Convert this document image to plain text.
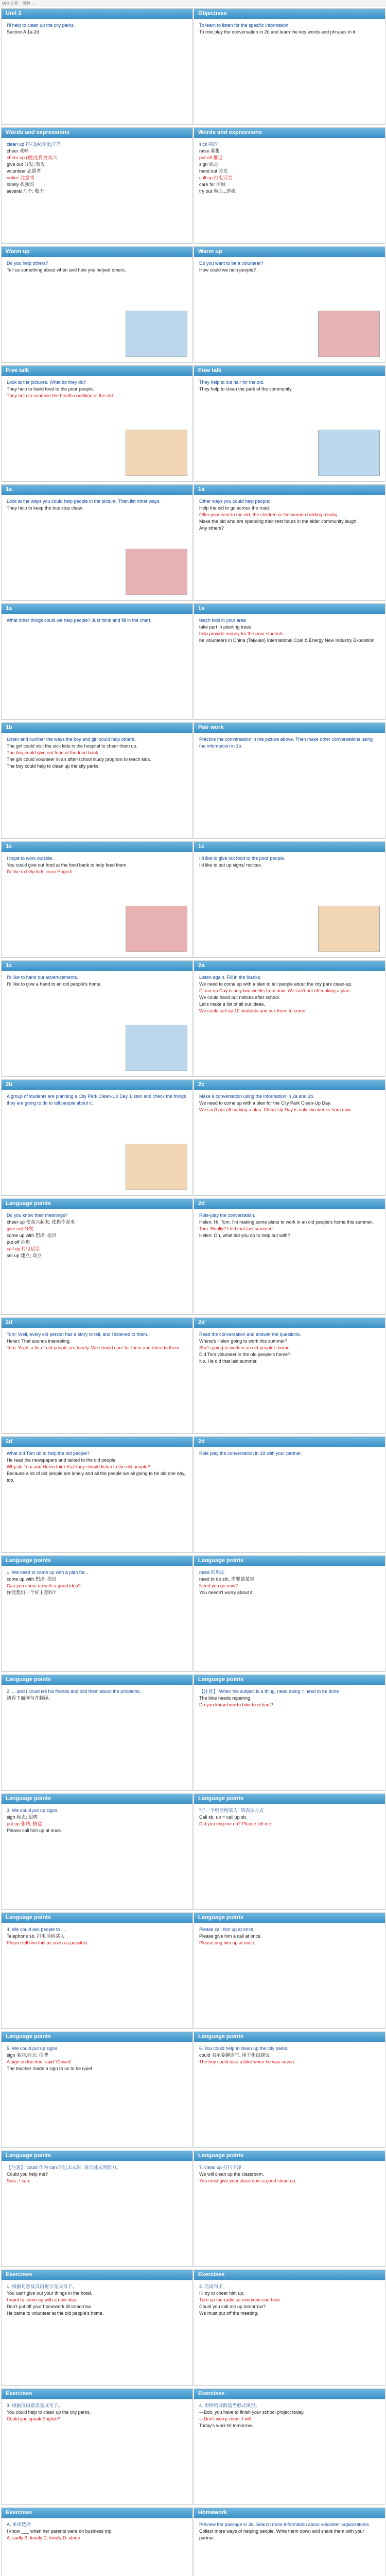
Unit 2 第一课时 ...
Unit 2
I'll help to clean up the city parks.
Section A 1a-2d
Objectives
To learn to listen for the specific information
To role play the conversation in 2d and learn the key words and phrases in it
Words and expressions
clean up 打扫(或清除)干净
cheer 欢呼
cheer up (使)变得更高兴
give out 分发; 散发
volunteer 志愿者
notice 注意到
lonely 孤独的
several 几个; 数个
Words and expressions
sick 病的
raise 募集
put off 推迟
sign 标志
hand out 分发
call up 打电话给
care for 照顾
try out 参加...选拔
Warm up
Do you help others?
Tell us something about when and how you helped others.
Warm up
Do you want to be a volunteer?
How could we help people?
Free talk
Look at the pictures. What do they do?
They help to hand food to the poor people.
They help to examine the health condition of the old.
Free talk
They help to cut hair for the old.
They help to clean the park of the community.
1a
Look at the ways you could help people in the picture. Then list other ways.
They help to keep the bus stop clean.
1a
Other ways you could help people:
Help the old to go across the road.
Offer your seat to the old, the children or the women holding a baby.
Make the old who are spending their rest hours in the elder community laugh.
Any others?
1a
What other things could we help people? Just think and fill in the chart.
1a
teach kids in your area
take part in planting trees
help provide money for the poor students
be volunteers in China (Taiyuan) International Coal & Energy New Industry Exposition
1b
Listen and number the ways the boy and girl could help others.
The girl could visit the sick kids in the hospital to cheer them up.
The boy could give out food at the food bank.
The girl could volunteer in an after-school study program to teach kids.
The boy could help to clean up the city parks.
Pair work
Practice the conversation in the picture above. Then make other conversations using the information in 1b.
1c
I hope to work outside.
You could give out food at the food bank to help feed them.
I'd like to help kids learn English.
1c
I'd like to give out food to the poor people.
I'd like to put up signs/ notices.
1c
I'd like to hand out advertisements.
I'd like to give a hand to an old people's home.
2a
Listen again. Fill in the blanks.
We need to come up with a plan to tell people about the city park clean-up.
Clean-up Day is only two weeks from now. We can't put off making a plan.
We could hand out notices after school.
Let's make a list of all our ideas.
We could call up 10 students and ask them to come.
2b
A group of students are planning a City Park Clean-Up Day. Listen and check the things they are going to do to tell people about it.
2c
Make a conversation using the information in 2a and 2b.
We need to come up with a plan for the City Park Clean-Up Day.
We can't put off making a plan. Clean-Up Day is only two weeks from now.
Language points
Do you know their meanings?
cheer up 使高兴起来; 使振作起来
give out 分发
come up with 想出; 提出
put off 推迟
call up 打电话给
set up 建立; 设立
2d
Role-play the conversation.
Helen: Hi, Tom. I'm making some plans to work in an old people's home this summer.
Tom: Really? I did that last summer!
Helen: Oh, what did you do to help out with?
2d
Tom: Well, every old person has a story to tell, and I listened to them.
Helen: That sounds interesting.
Tom: Yeah, a lot of old people are lonely. We should care for them and listen to them.
2d
Read the conversation and answer the questions.
Where's Helen going to work this summer?
She's going to work in an old people's home.
Did Tom volunteer in the old people's home?
No. He did that last summer.
2d
What did Tom do to help the old people?
He read the newspapers and talked to the old people.
Why do Tom and Helen think that they should listen to the old people?
Because a lot of old people are lonely and all the people we all going to be old one day, too.
2d
Role play the conversation in 2d with your partner.
Language points
1. We need to come up with a plan for...
come up with 想出; 提出
Can you come up with a good idea?
你能想出一个好主意吗?
Language points
need 的用法
need to do sth. 需要做某事
Need you go now?
You needn't worry about it.
Language points
2. ... and I could tell his friends and told them about the problems.
请看下面例句并翻译。
Language points
【注意】 When the subject is a thing, need doing = need to be done
The bike needs repairing.
Do you know how to bike to school?
Language points
3. We could put up signs.
sign 标志; 招牌
put up 张贴; 搭建
Please call him up at once.
Language points
“打一个电话给某人” 的表达方式
Call sb. up = call up sb.
Did you ring me up? Please tell me.
Language points
4. We could ask people to ...
Telephone sb. 打电话给某人
Please tell him this as soon as possible.
Language points
Please call him up at once.
Please give him a call at once.
Please ring him up at once.
Language points
5. We could put up signs.
sign 名词,标志; 招牌
A sign on the door said 'Closed'.
The teacher made a sign to us to be quiet.
Language points
6. You could help to clean up the city parks.
could 表示委婉语气, 用于提出建议。
The boy could take a bike when he was seven.
Language points
【注意】 could 作为 can 的过去式时, 表示过去的能力。
Could you help me?
Sure, I can.
Language points
7. clean up 打扫干净
We will clean up the classroom.
You must give your classroom a good clean up.
Exercises
1. 根据句意及汉语提示完成句子。
You can't give out your things in the hotel.
I want to come up with a new idea.
Don't put off your homework till tomorrow.
He came to volunteer at the old people's home.
Exercises
2. 完成句子。
I'll try to cheer him up.
Turn up the radio so everyone can hear.
Could you call me up tomorrow?
We must put off the meeting.
Exercises
3. 根据汉语意思完成句子。
You could help to clean up the city parks.
Could you speak English?
Exercises
4. 用所给词的适当形式填空。
—Bob, you have to finish your school project today.
—Don't worry, mum. I will.
Today's work till tomorrow.
Exercises
A. 单项选择
I know ___ when her parents were on business trip.
A. sadly B. lonely C. lonely D. alone
Homework
Preview the passage in 3a. Search more information about volunteer organizations.
Collect more ways of helping people. Write them down and share them with your partner.
